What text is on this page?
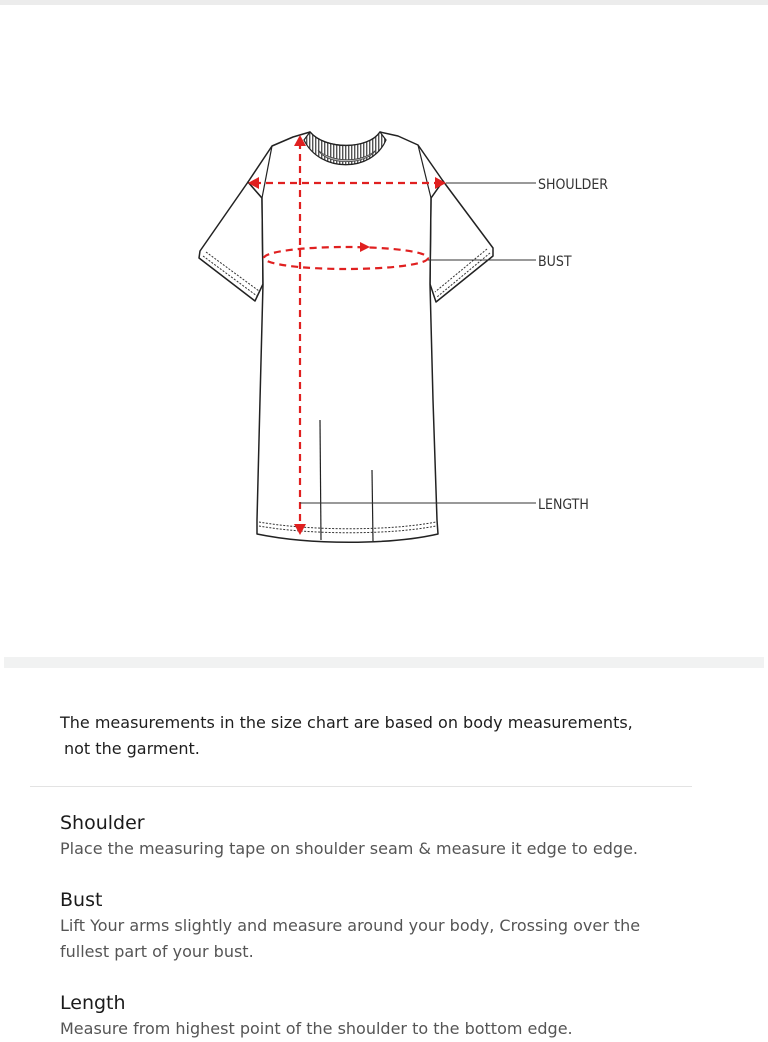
SHOULDER
BUST
LENGTH

The measurements in the size chart are based on body measurements,
not the garment.

Shoulder

Place the measuring tape on shoulder seam & measure it edge to edge.

Bust

Lift Your arms slightly and measure around your body, Crossing over the fullest part of your bust.

Length

Measure from highest point of the shoulder to the bottom edge.
